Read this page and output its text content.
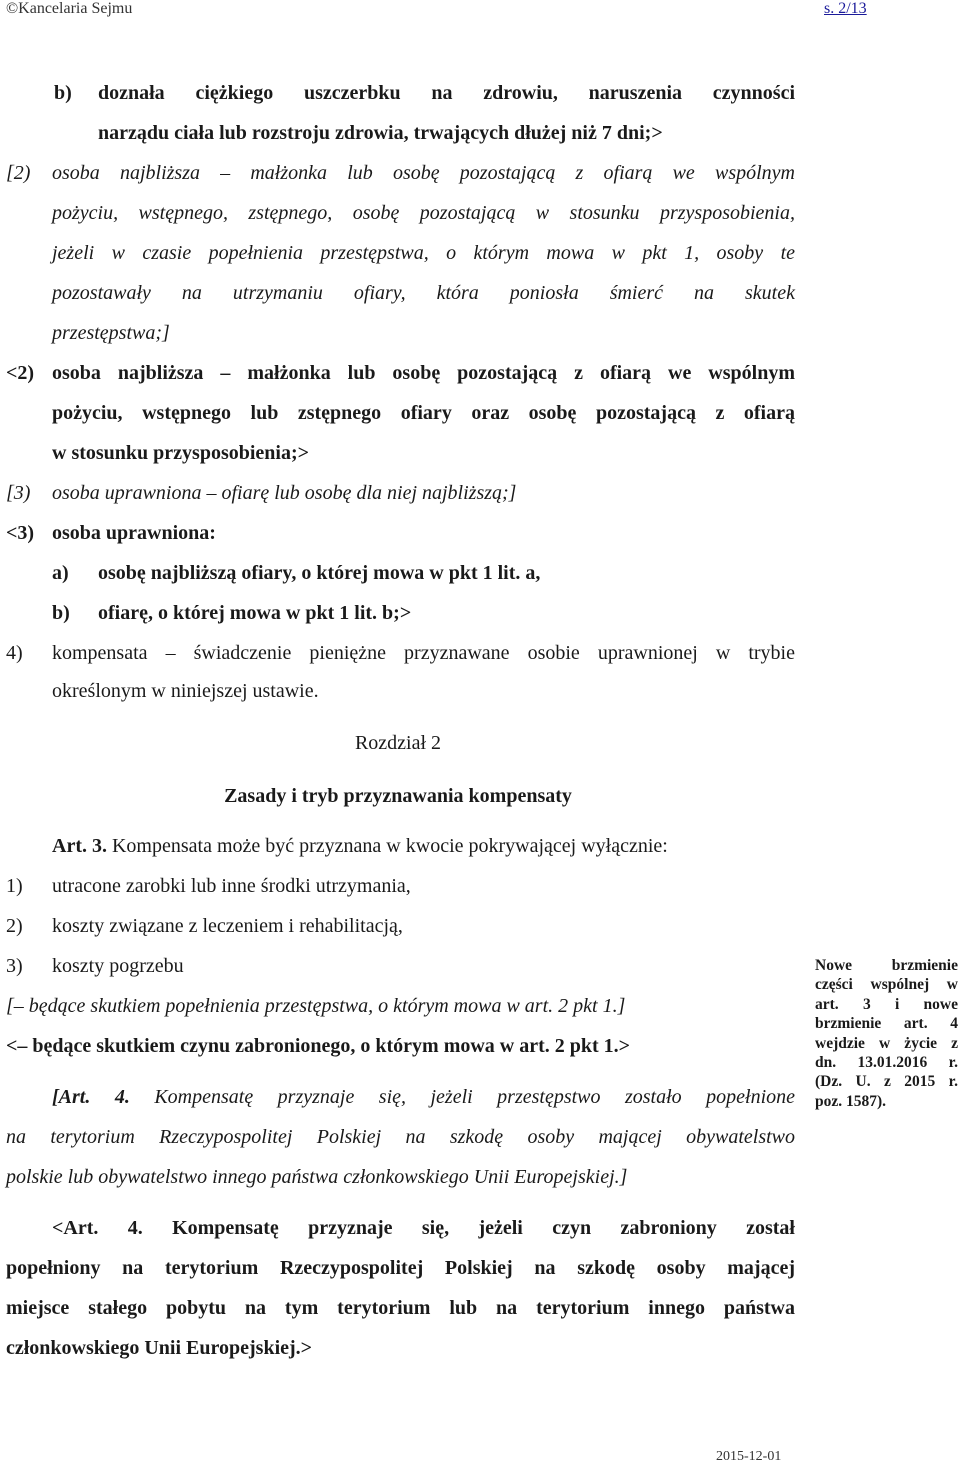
©Kancelaria Sejmu	s. 2/13
b) doznała ciężkiego uszczerbku na zdrowiu, naruszenia czynności
narządu ciała lub rozstroju zdrowia, trwających dłużej niż 7 dni;>
[2) osoba najbliższa – małżonka lub osobę pozostającą z ofiarą we wspólnym
pożyciu, wstępnego, zstępnego, osobę pozostającą w stosunku przysposobienia,
jeżeli w czasie popełnienia przestępstwa, o którym mowa w pkt 1, osoby te
pozostawały na utrzymaniu ofiary, która poniosła śmierć na skutek
przestępstwa;]
<2) osoba najbliższa – małżonka lub osobę pozostającą z ofiarą we wspólnym
pożyciu, wstępnego lub zstępnego ofiary oraz osobę pozostającą z ofiarą
w stosunku przysposobienia;>
[3) osoba uprawniona – ofiarę lub osobę dla niej najbliższą;]
<3) osoba uprawniona:
a) osobę najbliższą ofiary, o której mowa w pkt 1 lit. a,
b) ofiarę, o której mowa w pkt 1 lit. b;>
4) kompensata – świadczenie pieniężne przyznawane osobie uprawnionej w trybie
określonym w niniejszej ustawie.
Rozdział 2
Zasady i tryb przyznawania kompensaty
Art. 3. Kompensata może być przyznana w kwocie pokrywającej wyłącznie:
1) utracone zarobki lub inne środki utrzymania,
2) koszty związane z leczeniem i rehabilitacją,
3) koszty pogrzebu
[– będące skutkiem popełnienia przestępstwa, o którym mowa w art. 2 pkt 1.]
<– będące skutkiem czynu zabronionego, o którym mowa w art. 2 pkt 1.>
[Art. 4. Kompensatę przyznaje się, jeżeli przestępstwo zostało popełnione
na terytorium Rzeczypospolitej Polskiej na szkodę osoby mającej obywatelstwo
polskie lub obywatelstwo innego państwa członkowskiego Unii Europejskiej.]
<Art. 4. Kompensatę przyznaje się, jeżeli czyn zabroniony został
popełniony na terytorium Rzeczypospolitej Polskiej na szkodę osoby mającej
miejsce stałego pobytu na tym terytorium lub na terytorium innego państwa
członkowskiego Unii Europejskiej.>
Nowe brzmienie
części wspólnej w
art. 3 i nowe
brzmienie art. 4
wejdzie w życie z
dn. 13.01.2016 r.
(Dz. U. z 2015 r.
poz. 1587).
2015-12-01
